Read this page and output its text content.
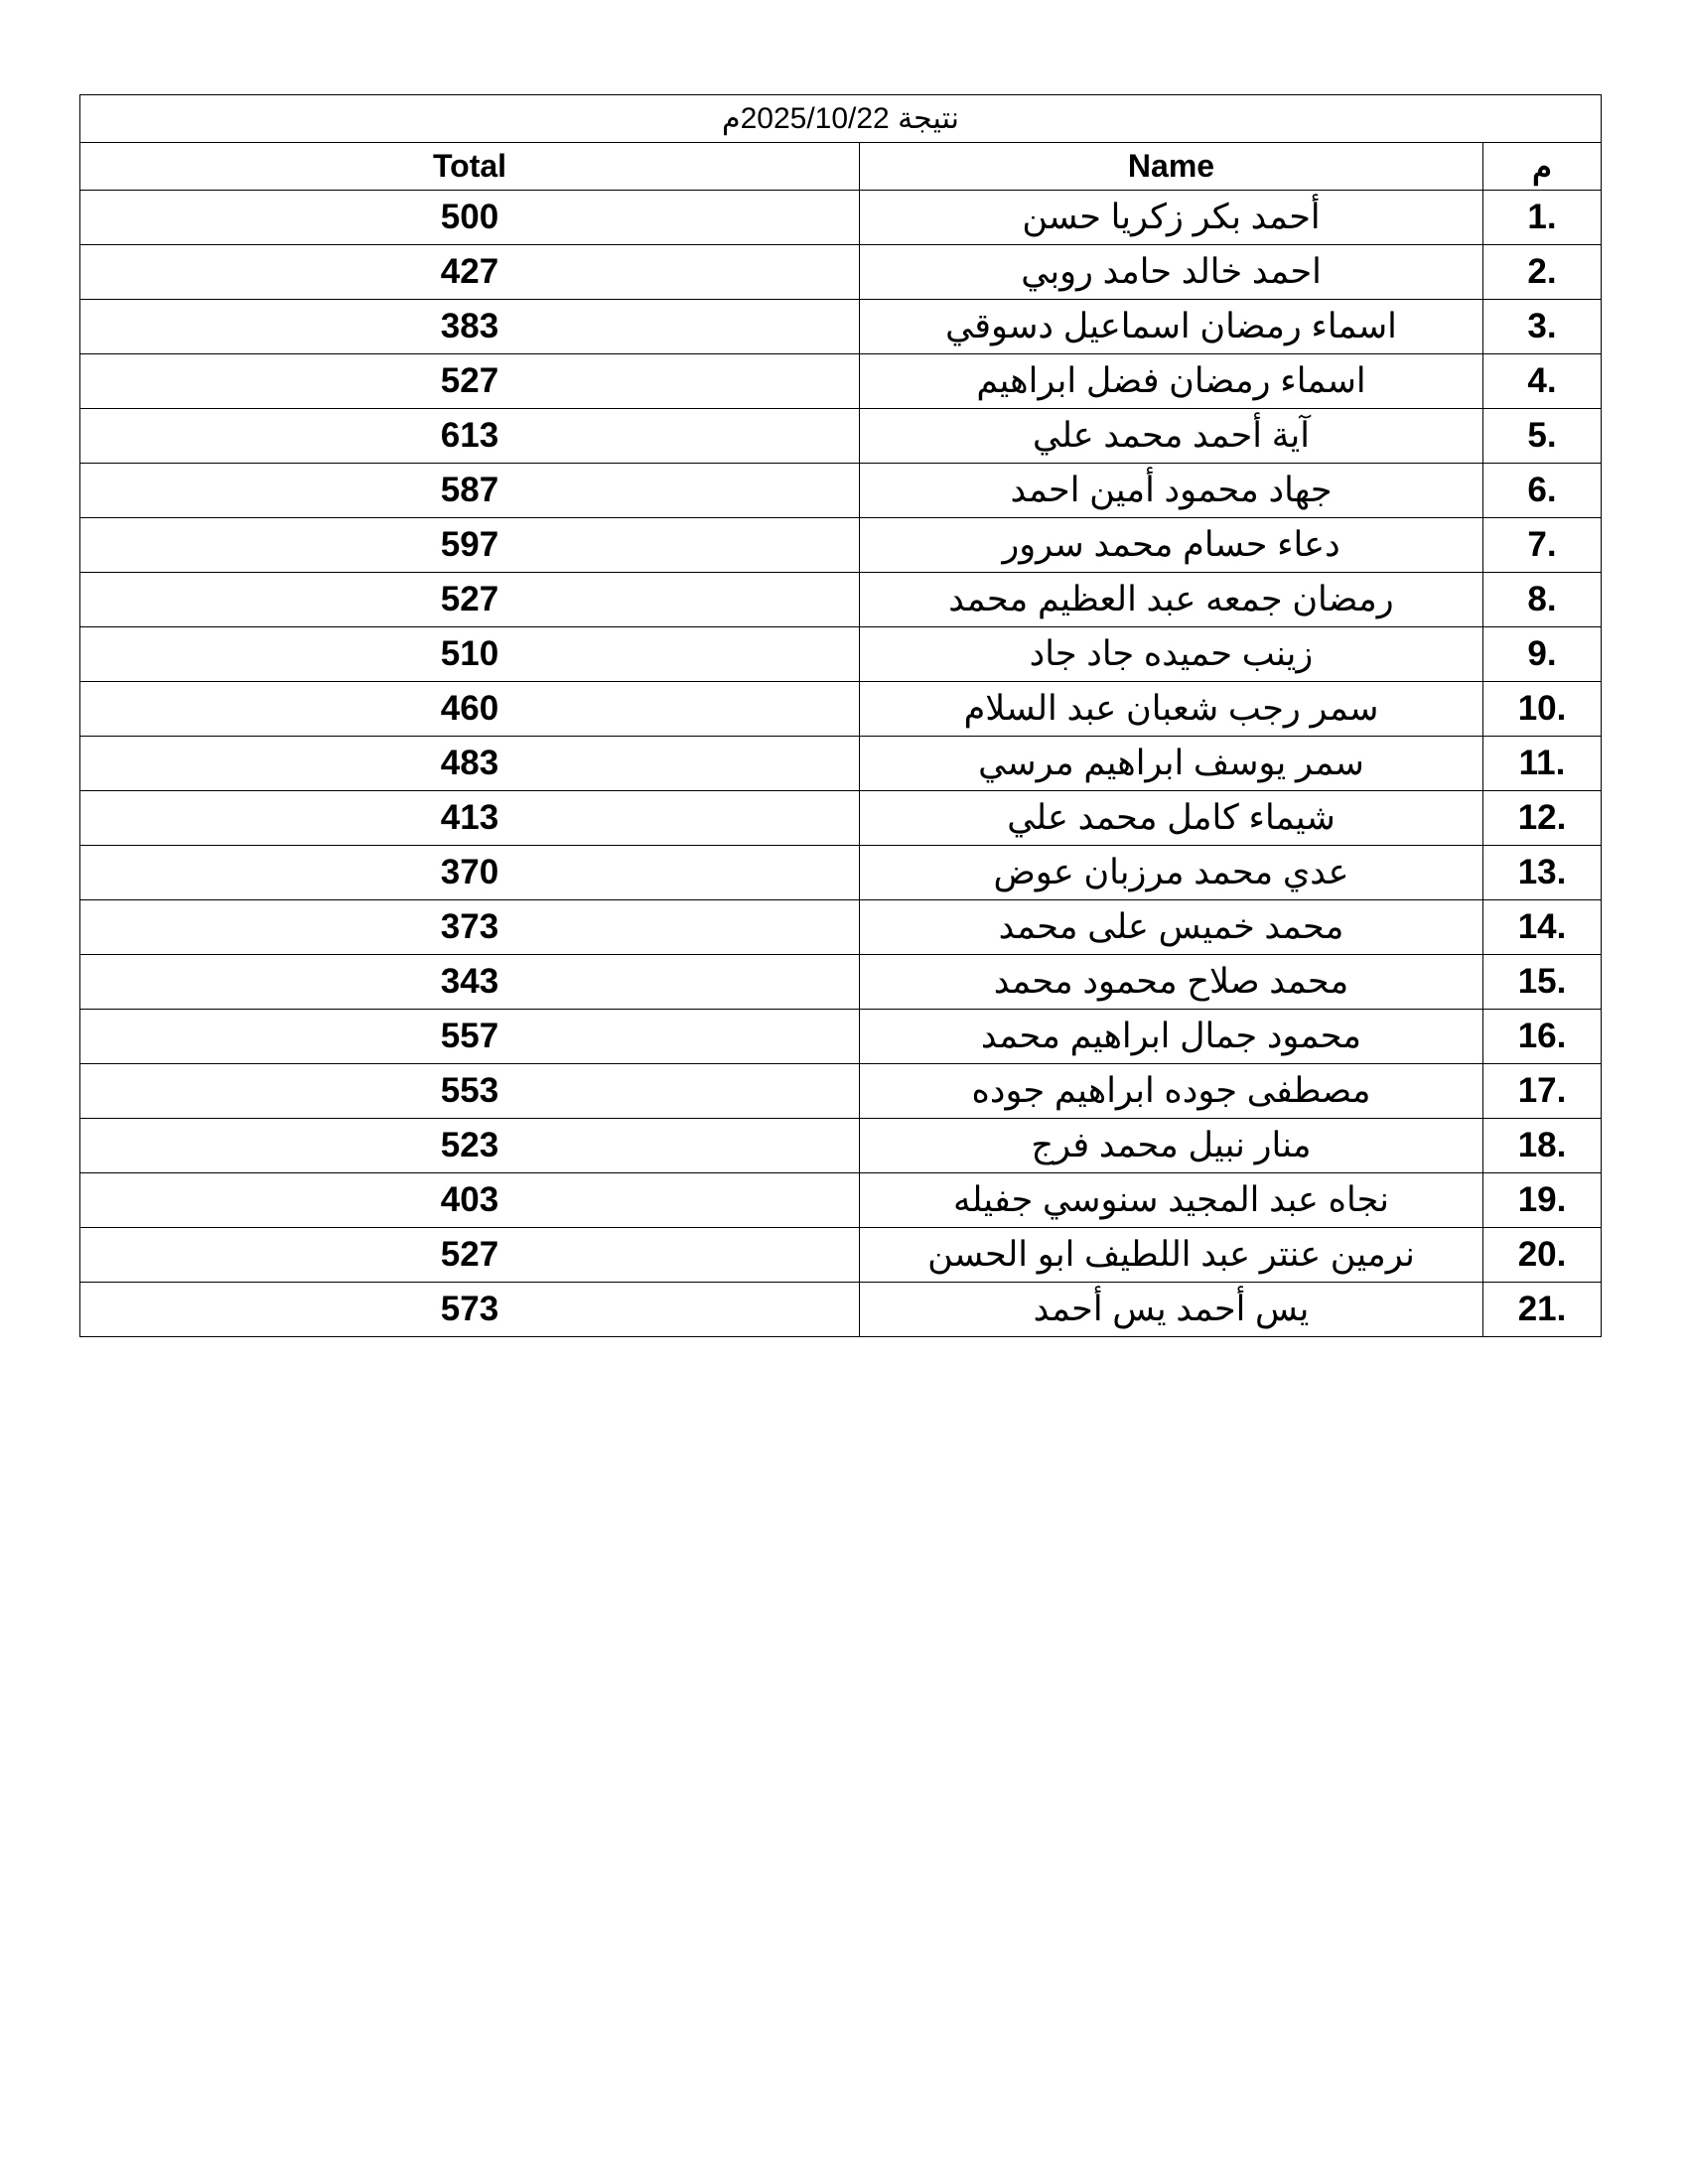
نتيجة 2025/10/22م		
Total	Name	م
500	أحمد بكر زكريا حسن	1.
427	احمد خالد حامد روبي	2.
383	اسماء رمضان اسماعيل دسوقي	3.
527	اسماء رمضان فضل ابراهيم	4.
613	آية أحمد محمد علي	5.
587	جهاد محمود أمين احمد	6.
597	دعاء حسام محمد سرور	7.
527	رمضان جمعه عبد العظيم محمد	8.
510	زينب حميده جاد جاد	9.
460	سمر رجب شعبان عبد السلام	10.
483	سمر يوسف ابراهيم مرسي	11.
413	شيماء كامل محمد علي	12.
370	عدي محمد مرزبان عوض	13.
373	محمد خميس على محمد	14.
343	محمد صلاح محمود محمد	15.
557	محمود جمال ابراهيم محمد	16.
553	مصطفى جوده ابراهيم جوده	17.
523	منار نبيل محمد فرج	18.
403	نجاه عبد المجيد سنوسي جفيله	19.
527	نرمين عنتر عبد اللطيف ابو الحسن	20.
573	يس أحمد يس أحمد	21.
